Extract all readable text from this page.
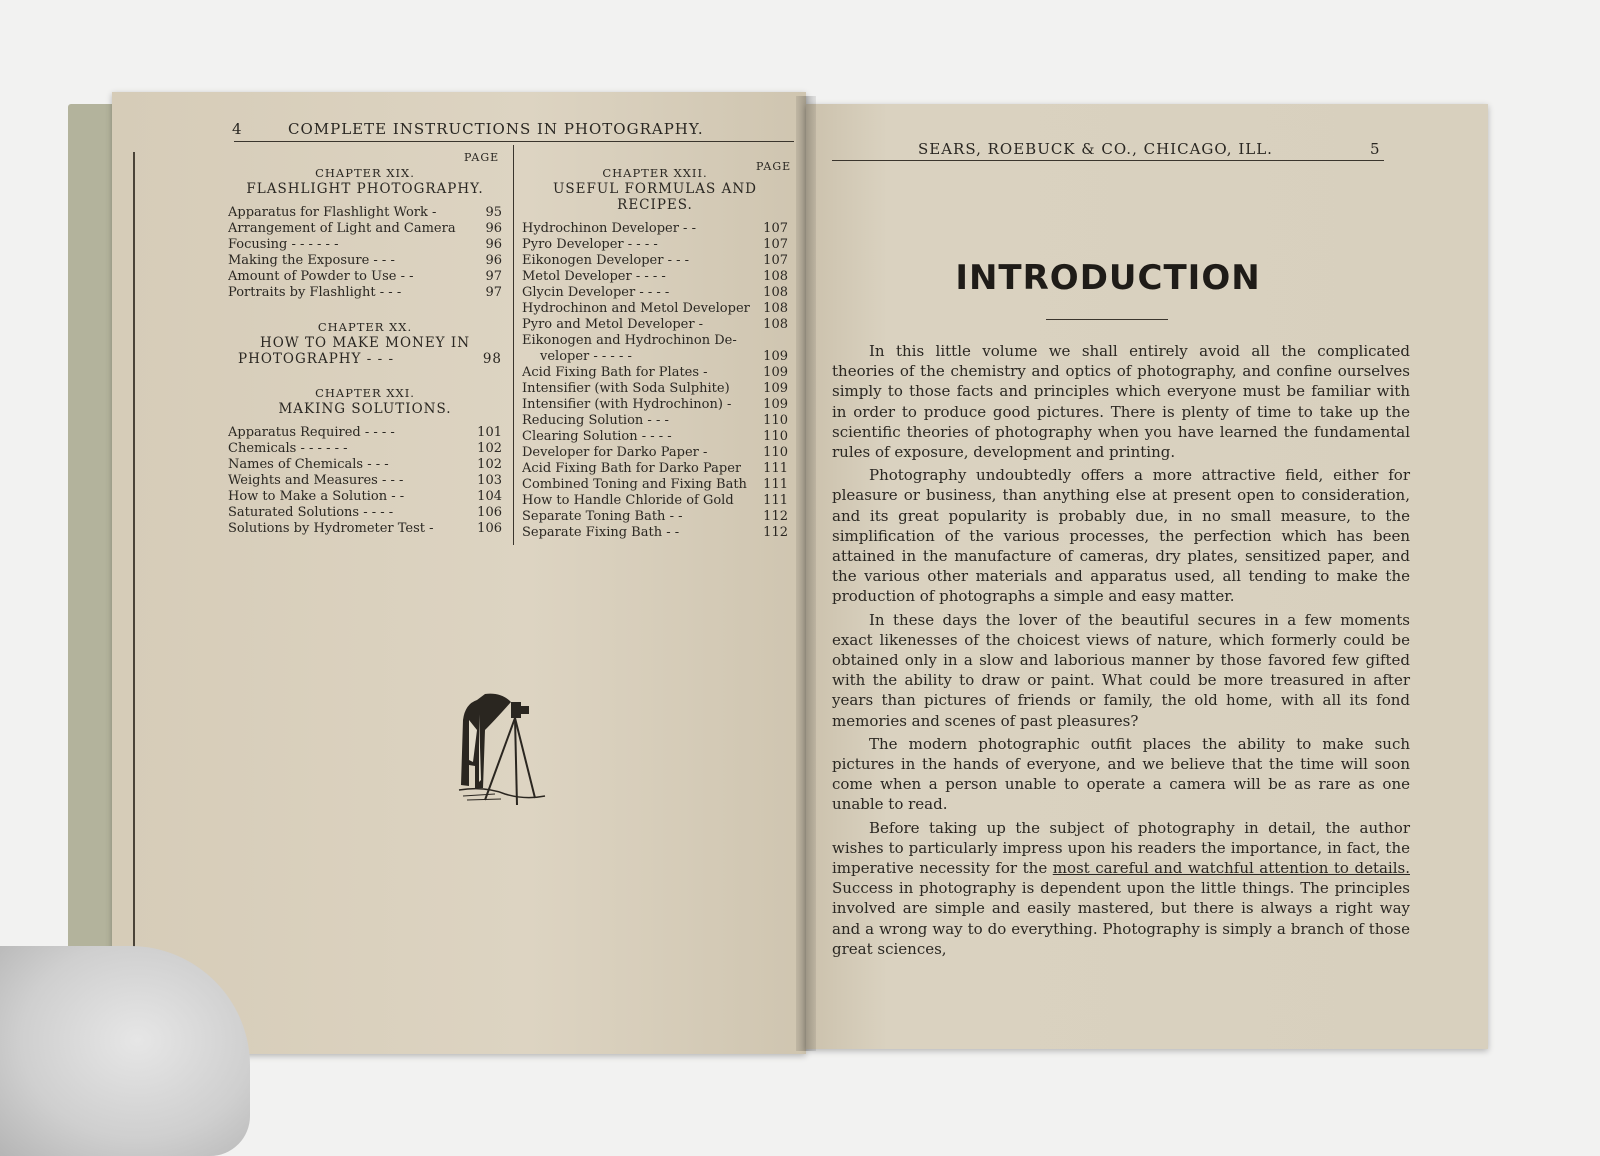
4	COMPLETE INSTRUCTIONS IN PHOTOGRAPHY.
PAGE
CHAPTER XIX.
FLASHLIGHT PHOTOGRAPHY.
Apparatus for Flashlight Work -	95
Arrangement of Light and Camera	96
Focusing - - - - - -	96
Making the Exposure - - -	96
Amount of Powder to Use - -	97
Portraits by Flashlight - - -	97
CHAPTER XX.
HOW TO MAKE MONEY IN
PHOTOGRAPHY - - -	98
CHAPTER XXI.
MAKING SOLUTIONS.
Apparatus Required - - - -	101
Chemicals - - - - - -	102
Names of Chemicals - - -	102
Weights and Measures - - -	103
How to Make a Solution - -	104
Saturated Solutions - - - -	106
Solutions by Hydrometer Test -	106
PAGE
CHAPTER XXII.
USEFUL FORMULAS AND
RECIPES.
Hydrochinon Developer - -	107
Pyro Developer - - - -	107
Eikonogen Developer - - -	107
Metol Developer - - - -	108
Glycin Developer - - - -	108
Hydrochinon and Metol Developer	108
Pyro and Metol Developer -	108
Eikonogen and Hydrochinon De-
veloper - - - - -	109
Acid Fixing Bath for Plates -	109
Intensifier (with Soda Sulphite)	109
Intensifier (with Hydrochinon) -	109
Reducing Solution - - -	110
Clearing Solution - - - -	110
Developer for Darko Paper -	110
Acid Fixing Bath for Darko Paper	111
Combined Toning and Fixing Bath	111
How to Handle Chloride of Gold	111
Separate Toning Bath - -	112
Separate Fixing Bath - -	112
SEARS, ROEBUCK & CO., CHICAGO, ILL.	5
INTRODUCTION

In this little volume we shall entirely avoid all the complicated theories of the chemistry and optics of photography, and confine ourselves simply to those facts and principles which everyone must be familiar with in order to produce good pictures. There is plenty of time to take up the scientific theories of photography when you have learned the fundamental rules of exposure, development and printing.

Photography undoubtedly offers a more attractive field, either for pleasure or business, than anything else at present open to consideration, and its great popularity is probably due, in no small measure, to the simplification of the various processes, the perfection which has been attained in the manufacture of cameras, dry plates, sensitized paper, and the various other materials and apparatus used, all tending to make the production of photographs a simple and easy matter.

In these days the lover of the beautiful secures in a few moments exact likenesses of the choicest views of nature, which formerly could be obtained only in a slow and laborious manner by those favored few gifted with the ability to draw or paint. What could be more treasured in after years than pictures of friends or family, the old home, with all its fond memories and scenes of past pleasures?

The modern photographic outfit places the ability to make such pictures in the hands of everyone, and we believe that the time will soon come when a person unable to operate a camera will be as rare as one unable to read.

Before taking up the subject of photography in detail, the author wishes to particularly impress upon his readers the importance, in fact, the imperative necessity for the most careful and watchful attention to details. Success in photography is dependent upon the little things. The principles involved are simple and easily mastered, but there is always a right way and a wrong way to do everything. Photography is simply a branch of those great sciences,
